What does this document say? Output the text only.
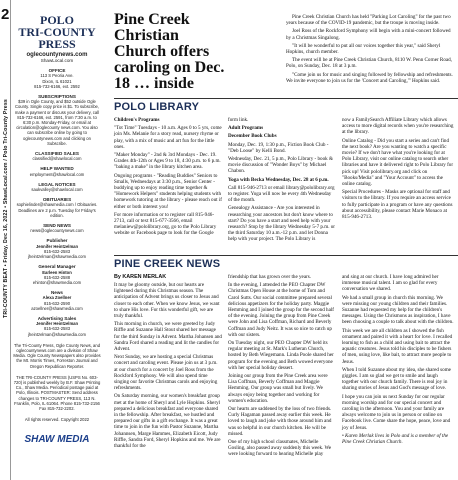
2
TRI-COUNTY BEAT • Friday, Dec 16, 2022 • ShawLocal.com / Polo Tri-County Press
POLO
TRI-COUNTY
PRESS
oglecountynews.com
ShawLocal.com
OFFICE
113 S Peoria Ave.
Dixon, IL 61021
815-732-6166, ext. 2592
SUBSCRIPTIONS
$39 in Ogle County, and $52 outside Ogle County. Single copy price is $1. To subscribe, make a payment or discuss your delivery, call 815-732-6166, ext. 2591, from 7:30 a.m. to 6:30 p.m. Monday-Friday, or email at circulation@oglecounty news.com. You also can subscribe online by going to oglecountynews.com and clicking on Subscribe.
CLASSIFIED SALES
classified@shawlocal.com
HELP WANTED
employment@shawlocal.com
LEGAL NOTICES
saukvalley@shawlocal.com
OBITUARIES
sophielinder@shawmedia.com / Obituaries. Deadlines are 2 p.m. Tuesday for Friday's edition.
SEND NEWS
news@oglecountynews.com
Publisher
Jennifer Heintzelman
815-632-2583
jheintzelman@shawmedia.com
General Manager
Earleen Hinton
815-632-2588
ehinton@shawmedia.com
News
Alexa Zoellner
815-632-2590
azoellner@shawmedia.com
Advertising Sales
Jennifer Heintzelman
815-632-2583
jheintzelman@shawmedia.com
The Tri-County Press, Ogle County News, and oglecountynews.com are a division of Shaw Media. Ogle County Newspapers also provides the Mt. Morris Times, Forreston Journal and Oregon Republican Reporter.
THE TRI-COUNTY PRESS (USPS No. 603-720) is published weekly by B.F. Shaw Printing Co., Shaw Media. Periodical postage paid at Polo, Illinois. POSTMASTER: Send address changes to TRI-COUNTY PRESS, 113 N. Franklin, Polo, IL 61064. Phone 815-732-2156 Fax 815-732-2202.
All rights reserved. Copyright 2022
SHAW MEDIA
Pine Creek Christian Church offers caroling on Dec. 18 … inside

Pine Creek Christian Church has held "Parking Lot Caroling" for the past two years because of the COVID-19 pandemic, but the troupe is moving inside.

Joel Ross of the Rockford Symphony will begin with a mini-concert followed by a Christmas Singalong.

"It will be wonderful to put all our voices together this year," said Sheryl Hopkins, church member.

The event will be at Pine Creek Christian Church, 8110 W. Penn Corner Road, Polo, on Sunday, Dec. 18 at 3 p.m.

"Come join us for music and singing followed by fellowship and refreshments. We invite everyone to join us for the 'Concert and Caroling,'" Hopkins said.

POLO LIBRARY

Children's Programs

"Tot Time" Tuesdays - 10 a.m. Ages 0 to 5 yrs, come join Ms. Melanie for a story read, nursery rhyme or play, with a mix of music and art fun for the little ones.

"Maker Monday" - 2nd & 3rd Mondays - Dec. 19. Grades 4th-12th or Ages 9 to 18, 4:30 p.m. to 6 p.m. "baking a make" in the library kitchen area.

Ongoing programs - "Reading Buddies" Seniors to Smalls, Wednesdays at 3:30 p.m., Senior Center - buddying up to enjoy reading time together & "Homework Helpers" students helping students with homework tutoring at the library - please reach out if either or both interest you!

For more information or to register call 815-946-2713, call or text 815-677-3566, email melaniew@pololibrary.org, go to the Polo Library website or Facebook page to look for the Google

form link.

Adult Programs

December Book Clubs

Monday, Dec. 19, 1:30 p.m., Fiction Book Club - "Deb Loose" by Kelli Bond.

Wednesday, Dec. 21, 5 p.m., Polo Library - book & movie discussion of "Wonder Boys" by Michael Chabon.

Yoga with Becka Wednesday, Dec. 28 at 6 p.m.

Call 815-946-2713 or email library@pololibrary.org to register. Yoga will now be every 4th Wednesday of the month.

Genealogy Assistance - Are you interested in researching your ancestors but don't know where to start? Do you have a start and need help with your research? Stop by the library Wednesday 5-7 p.m. or the third Saturday 10 a.m.-12 p.m. and let Donna help with your project. The Polo Library is

now a FamilySearch Affiliate Library which allows access to more digital records when you're researching at the library.

Online Catalog - Did you start a series and can't find the next book? Are you wanting to watch a specific movie? If we don't have what you're looking for at Polo Library, visit our online catalog to search other libraries and have it delivered right to Polo Library for pick up! Visit pololibrary.org and click on "Books/Media" and "Your Account" to access the online catalog.

Special Procedures - Masks are optional for staff and visitors to the library. If you require an access service to fully participate in a program or have any questions about accessibility, please contact Marie Monaco at 815-946-2713.

PINE CREEK NEWS

By KAREN MERLAK

It may be gloomy outside, but our hearts are lightened during this Christmas season. The anticipation of Advent brings us closer to Jesus and closer to each other. When we know Jesus, we want to share His love. For this wonderful gift, we are truly thankful.

This morning in church, we were greeted by Judy Riffle and Suzanne Hall Stout shared her message for the third Sunday in Advent. Martha Johansen and Sandra Ford shared a reading and lit the candles for Advent.

Next Sunday, we are hosting a special Christmas concert and caroling event. Please join us at 3 p.m. at our church for a concert by Joel Ross from the Rockford Symphony. We will also spend time singing our favorite Christmas carols and enjoying refreshments.

On Saturday morning, our women's breakfast group met at the home of Sheryl and Lyle Hopkins. Sheryl prepared a delicious breakfast and everyone shared in the fellowship. After breakfast, we hustled and prepared our gifts in a gift exchange. It was a great time to join in the fun with Pastor Suzanne, Martha Johannsen, Marge Hammes, Elizabeth Eicott, Judy Riffle, Sandra Ford, Sheryl Hopkins and me. We are thankful for the

friendship that has grown over the years.

In the evening, I attended the PEO Chapter DW Christmas Open House at the home of Tom and Carol Sutts. Our social committee prepared several delicious appetizers for the holiday party. Maggie Hemming and I joined the group for the second half of the evening. Joining the group from Pine Creek were John and Lisa Coffman, Richard and Beverly Coffman and Judy Neitz. It was so nice to catch up with our sisters.

On Tuesday night, our PEO Chapter DW held its regular meeting at St. Mark's Lutheran Church, hosted by Beth Wiegemann. Linda Poole shared her program for the evening and Beth wowed everyone with her special holiday dessert.

Joining our group from the Pine Creek area were Lisa Coffman, Beverly Coffman and Maggie Hemming. Our group was small but lively. We always enjoy being together and working for women's education.

Our hearts are saddened by the loss of two friends. Curly Hagaman passed away earlier this week. He loved to laugh and joke with those around him and was so helpful in our church kitchen. He will be missed.

One of my high school classmates, Michelle Gosling, also passed away suddenly this week. We were looking forward to hearing Michelle play

and sing at our church. I have long admired her immense musical talent. I am so glad for every conversation we shared.

We had a small group in church this morning. We were missing our young children and their families. Suzanne had requested my help for the children's messages. Using the Chrismons as inspiration, I have been choosing a couple to talk about with the children.

This week we are all children as I showed the fish ornament and paired it with a heart for love. I recalled learning to fish as a child and using bait to attract the aquatic creatures. Jesus told his disciples to be fishers of men, using love, like bait, to attract more people to Jesus.

When I told Suzanne about my idea, she shared some giggles. I am so glad we get to smile and laugh together with our church family. There is real joy in sharing stories of Jesus and God's message of love.

I hope you can join us next Sunday for our regular morning worship and for our special concert and caroling in the afternoon. You and your family are always welcome to join us in person or online on Facebook live. Come share the hope, peace, love and joy of Jesus.

• Karen Merlak lives in Polo and is a member of the Pine Creek Christian Church.
